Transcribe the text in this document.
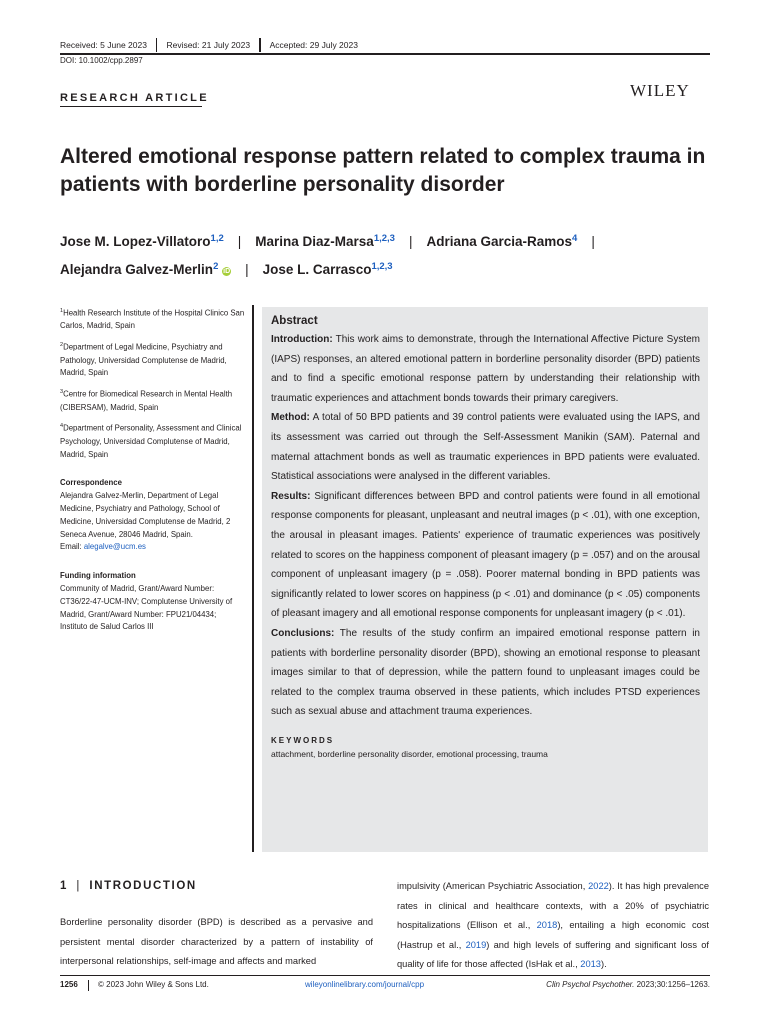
Received: 5 June 2023	Revised: 21 July 2023	Accepted: 29 July 2023
DOI: 10.1002/cpp.2897
RESEARCH ARTICLE	WILEY
Altered emotional response pattern related to complex trauma in patients with borderline personality disorder
Jose M. Lopez-Villatoro$^{1,2}$ | Marina Diaz-Marsa$^{1,2,3}$ | Adriana Garcia-Ramos$^4$ |
Alejandra Galvez-Merlin$^2$ iD | Jose L. Carrasco$^{1,2,3}$

$^1$Health Research Institute of the Hospital Clinico San Carlos, Madrid, Spain

$^2$Department of Legal Medicine, Psychiatry and Pathology, Universidad Complutense de Madrid, Madrid, Spain

$^3$Centre for Biomedical Research in Mental Health (CIBERSAM), Madrid, Spain

$^4$Department of Personality, Assessment and Clinical Psychology, Universidad Complutense of Madrid, Madrid, Spain

Correspondence

Alejandra Galvez-Merlin, Department of Legal Medicine, Psychiatry and Pathology, School of Medicine, Universidad Complutense de Madrid, 2 Seneca Avenue, 28046 Madrid, Spain.
Email: alegalve@ucm.es

Funding information

Community of Madrid, Grant/Award Number: CT36/22-47-UCM-INV; Complutense University of Madrid, Grant/Award Number: FPU21/04434; Instituto de Salud Carlos III

Abstract

Introduction: This work aims to demonstrate, through the International Affective Picture System (IAPS) responses, an altered emotional pattern in borderline personality disorder (BPD) patients and to find a specific emotional response pattern by understanding their relationship with traumatic experiences and attachment bonds towards their primary caregivers.

Method: A total of 50 BPD patients and 39 control patients were evaluated using the IAPS, and its assessment was carried out through the Self-Assessment Manikin (SAM). Paternal and maternal attachment bonds as well as traumatic experiences in BPD patients were evaluated. Statistical associations were analysed in the different variables.

Results: Significant differences between BPD and control patients were found in all emotional response components for pleasant, unpleasant and neutral images (p < .01), with one exception, the arousal in pleasant images. Patients' experience of traumatic experiences was positively related to scores on the happiness component of pleasant imagery (p = .057) and on the arousal component of unpleasant imagery (p = .058). Poorer maternal bonding in BPD patients was significantly related to lower scores on happiness (p < .01) and dominance (p < .05) components of pleasant imagery and all emotional response components for unpleasant imagery (p < .01).

Conclusions: The results of the study confirm an impaired emotional response pattern in patients with borderline personality disorder (BPD), showing an emotional response to pleasant images similar to that of depression, while the pattern found to unpleasant images could be related to the complex trauma observed in these patients, which includes PTSD experiences such as sexual abuse and attachment trauma experiences.

KEYWORDS
attachment, borderline personality disorder, emotional processing, trauma
1 | INTRODUCTION
Borderline personality disorder (BPD) is described as a pervasive and persistent mental disorder characterized by a pattern of instability of interpersonal relationships, self-image and affects and marked
impulsivity (American Psychiatric Association, 2022). It has high prevalence rates in clinical and healthcare contexts, with a 20% of psychiatric hospitalizations (Ellison et al., 2018), entailing a high economic cost (Hastrup et al., 2019) and high levels of suffering and significant loss of quality of life for those affected (IsHak et al., 2013).
1256	© 2023 John Wiley & Sons Ltd.	wileyonlinelibrary.com/journal/cpp	Clin Psychol Psychother. 2023;30:1256–1263.
